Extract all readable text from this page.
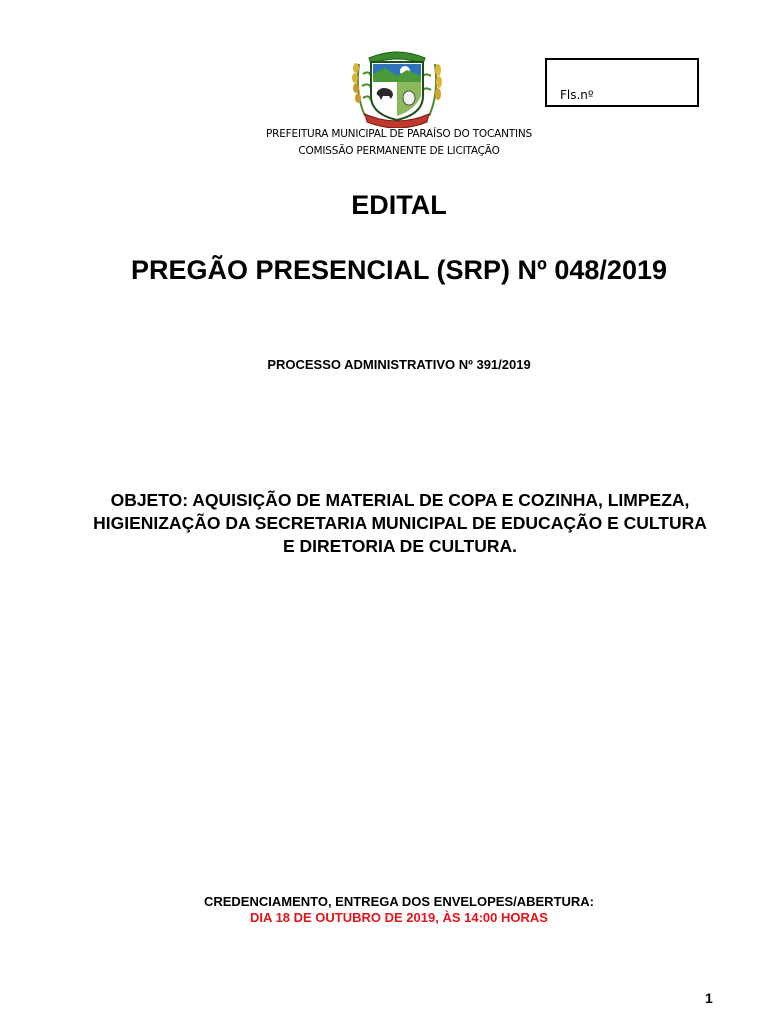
Fls.nº
PREFEITURA MUNICIPAL DE PARAÍSO DO TOCANTINS
COMISSÃO PERMANENTE DE LICITAÇÃO
EDITAL
PREGÃO PRESENCIAL (SRP) Nº 048/2019
PROCESSO ADMINISTRATIVO Nº 391/2019
OBJETO: AQUISIÇÃO DE MATERIAL DE COPA E COZINHA, LIMPEZA, HIGIENIZAÇÃO DA SECRETARIA MUNICIPAL DE EDUCAÇÃO E CULTURA E DIRETORIA DE CULTURA.
CREDENCIAMENTO, ENTREGA DOS ENVELOPES/ABERTURA:
DIA 18 DE OUTUBRO DE 2019, ÀS 14:00 HORAS
1
